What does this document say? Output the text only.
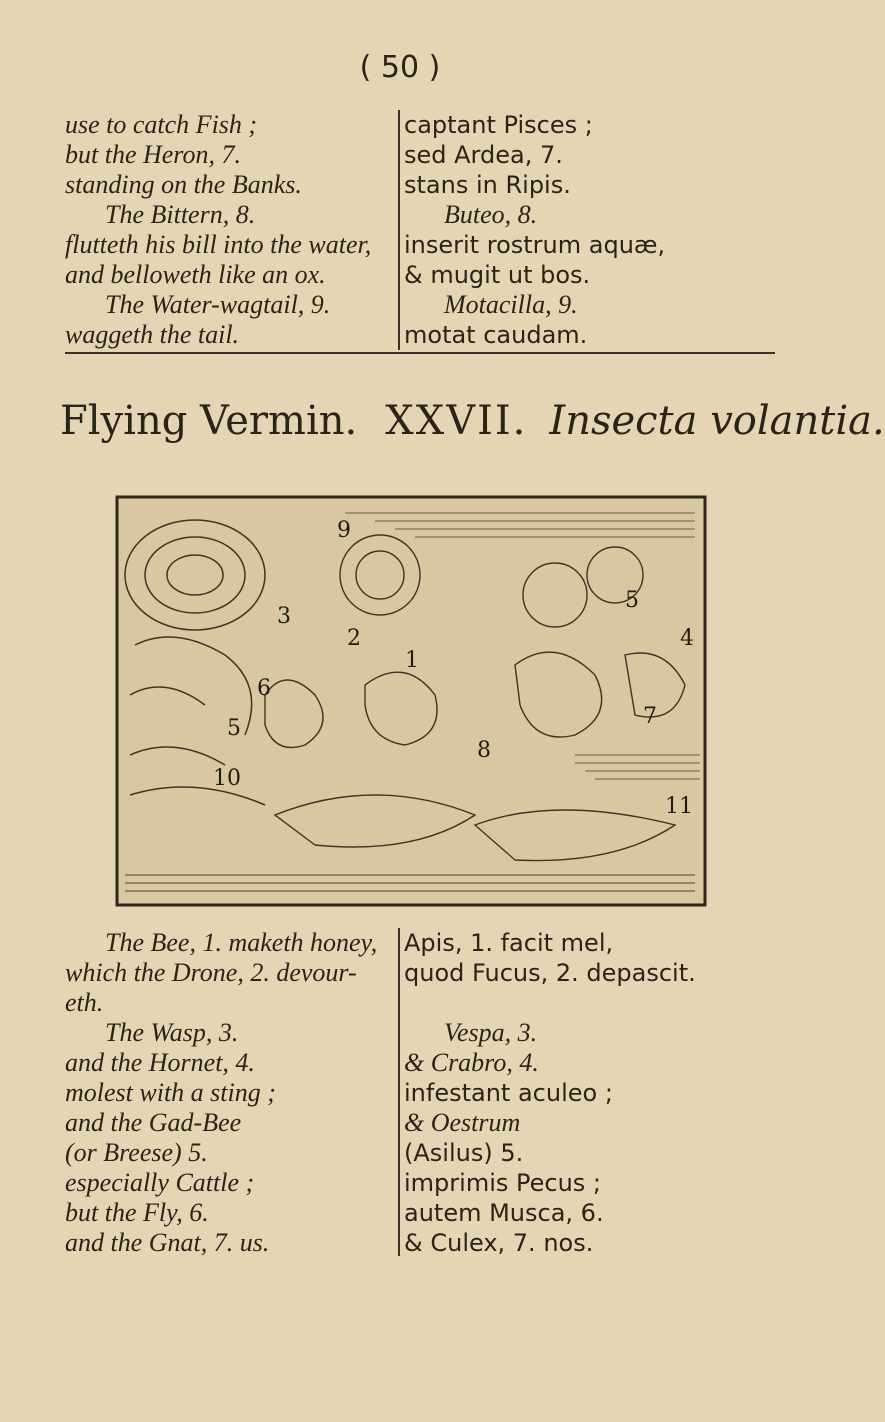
( 50 )
use to catch Fish ;
but the Heron, 7.
standing on the Banks.
The Bittern, 8.
flutteth his bill into the water,
and belloweth like an ox.
The Water-wagtail, 9.
waggeth the tail.
captant Pisces ;
sed Ardea, 7.
stans in Ripis.
Buteo, 8.
inserit rostrum aquæ,
& mugit ut bos.
Motacilla, 9.
motat caudam.
Flying Vermin. XXVII. Insecta volantia.
1
2
3
4
5
5
6
7
8
9
10
11
The Bee, 1. maketh honey,
which the Drone, 2. devour-
eth.
The Wasp, 3.
and the Hornet, 4.
molest with a sting ;
and the Gad-Bee
(or Breese) 5.
especially Cattle ;
but the Fly, 6.
and the Gnat, 7. us.
Apis, 1. facit mel,
quod Fucus, 2. depascit.

Vespa, 3.
& Crabro, 4.
infestant aculeo ;
& Oestrum
(Asilus) 5.
imprimis Pecus ;
autem Musca, 6.
& Culex, 7. nos.
